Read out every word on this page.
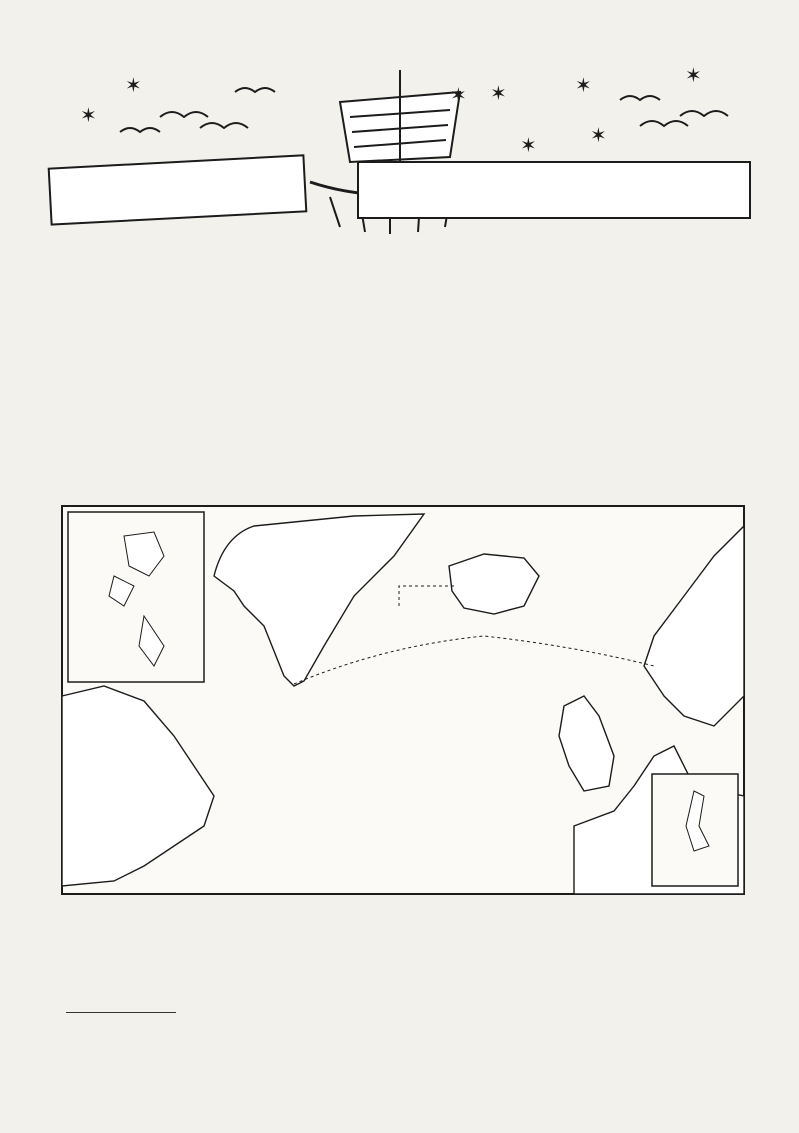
✶
✶	✶ ✶	✶	✶
✶	✶
